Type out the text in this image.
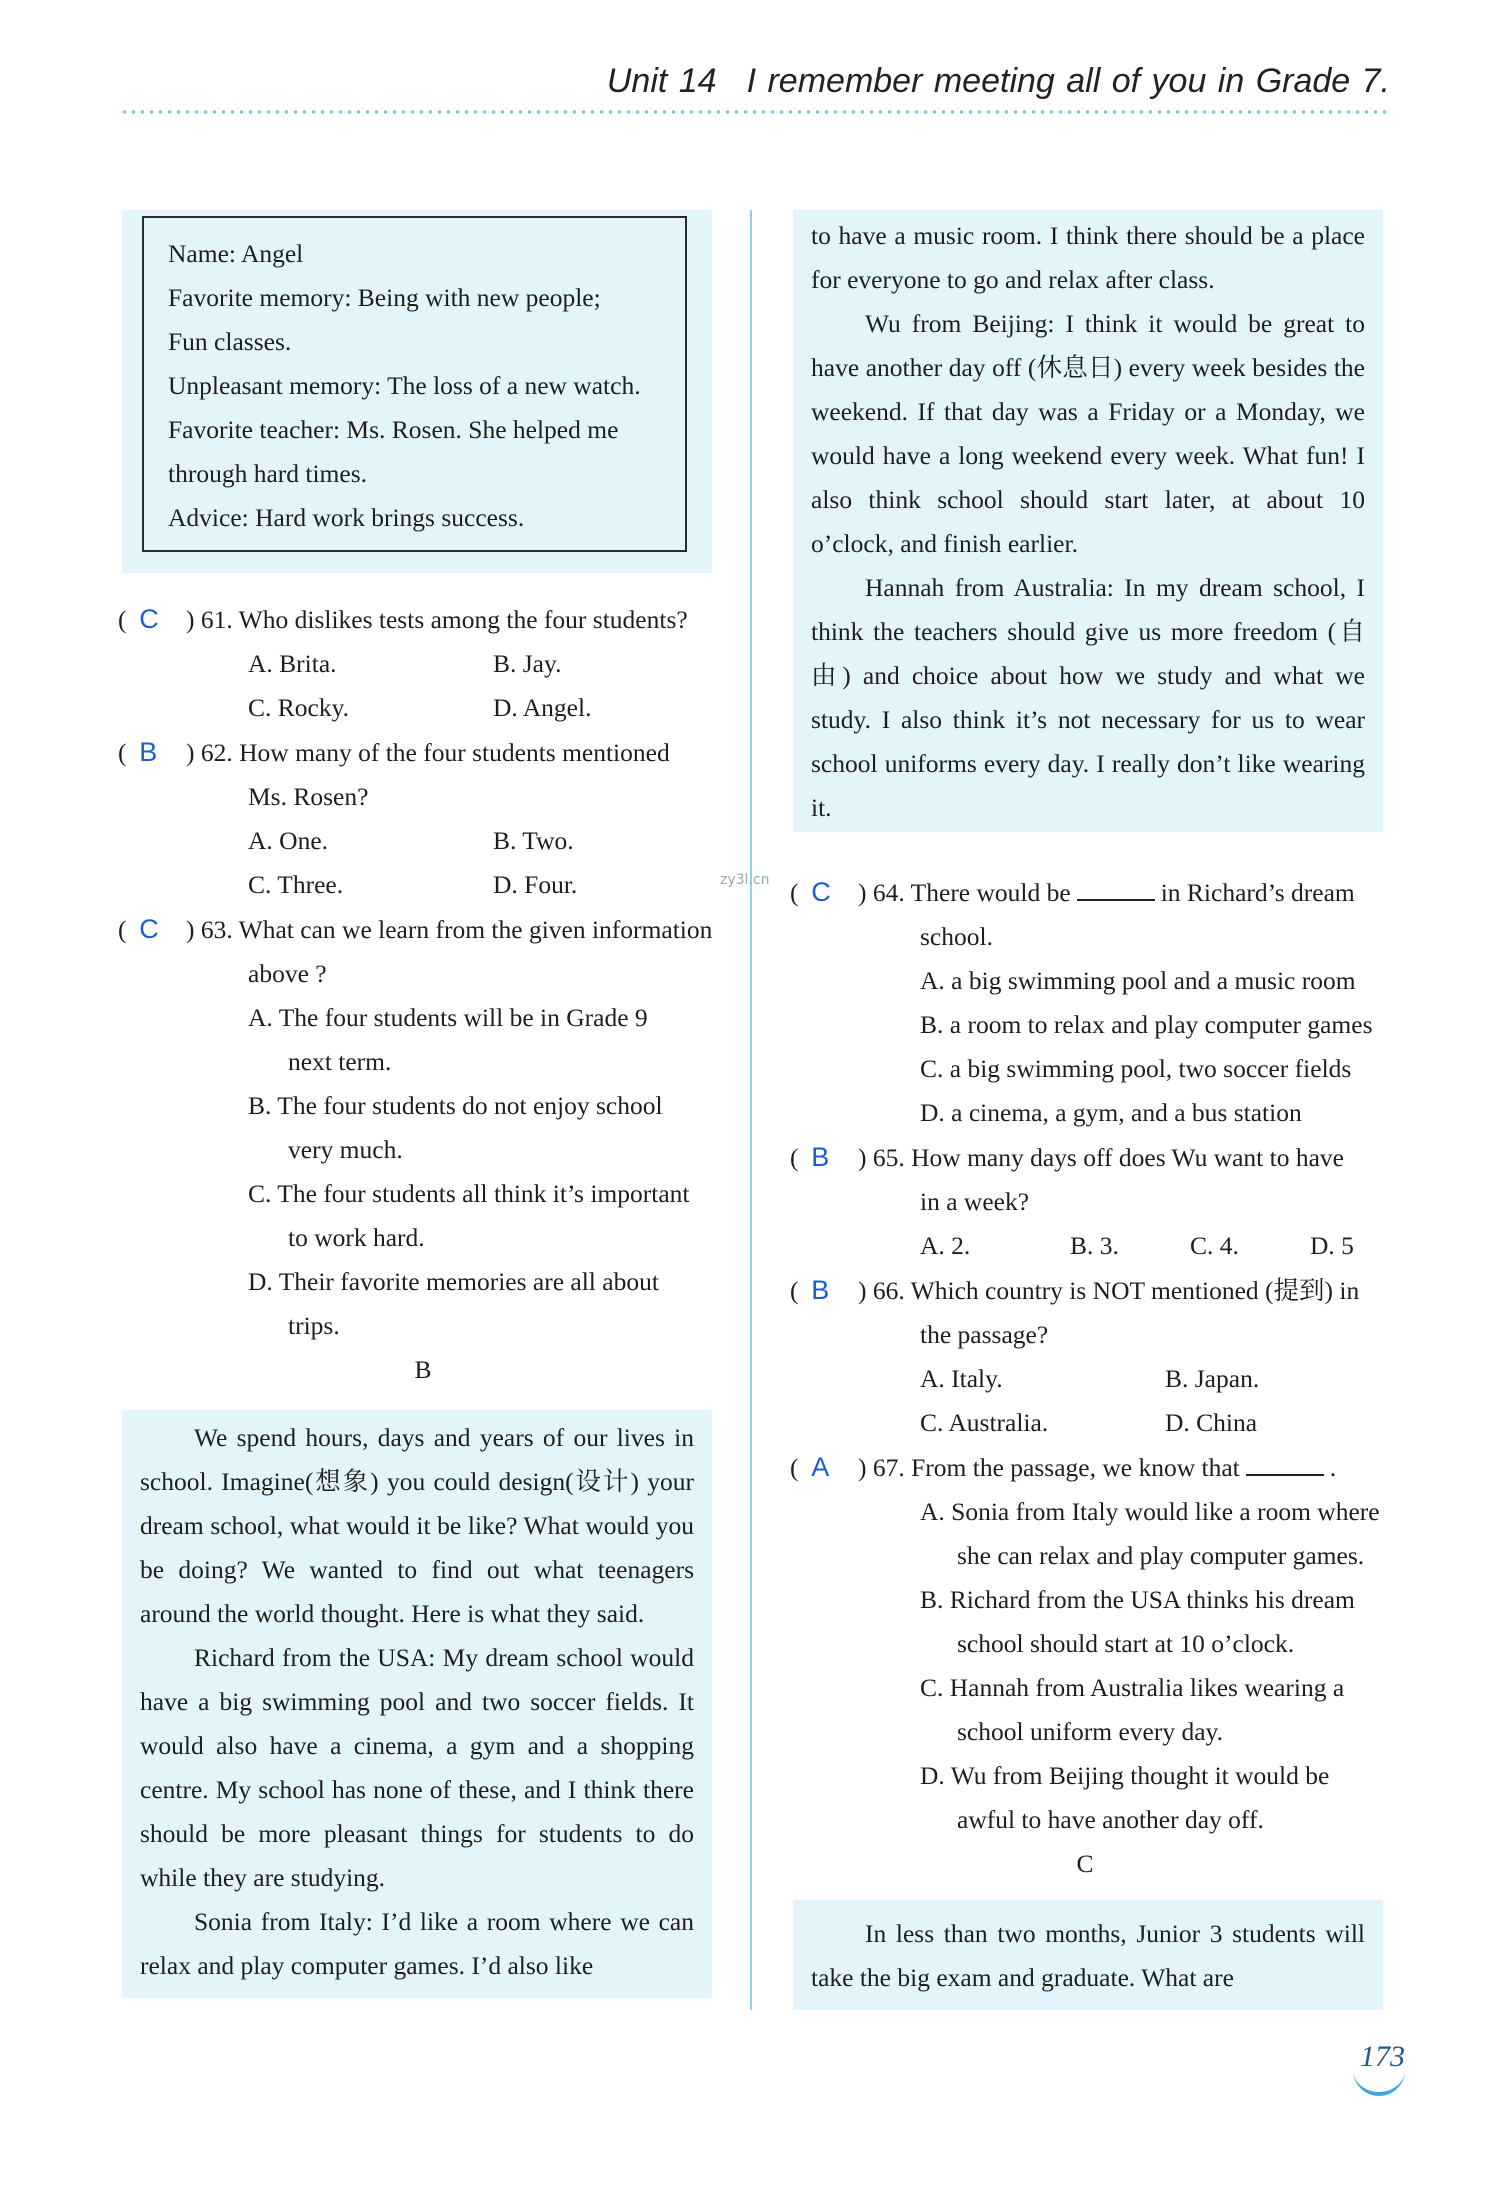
Unit 14 I remember meeting all of you in Grade 7.
Name: Angel
Favorite memory: Being with new people;
Fun classes.
Unpleasant memory: The loss of a new watch.
Favorite teacher: Ms. Rosen. She helped me
through hard times.
Advice: Hard work brings success.
( C ) 61. Who dislikes tests among the four students?
A. Brita.	B. Jay.
C. Rocky.	D. Angel.
( B ) 62. How many of the four students mentioned
Ms. Rosen?
A. One.	B. Two.
C. Three.	D. Four.
( C ) 63. What can we learn from the given information
above ?
A. The four students will be in Grade 9
next term.
B. The four students do not enjoy school
very much.
C. The four students all think it’s important
to work hard.
D. Their favorite memories are all about
trips.
B
zy3l.cn

We spend hours, days and years of our lives in school. Imagine(想象) you could design(设计) your dream school, what would it be like? What would you be doing? We wanted to find out what teenagers around the world thought. Here is what they said.

Richard from the USA: My dream school would have a big swimming pool and two soccer fields. It would also have a cinema, a gym and a shopping centre. My school has none of these, and I think there should be more pleasant things for students to do while they are studying.

Sonia from Italy: I’d like a room where we can relax and play computer games. I’d also like

to have a music room. I think there should be a place for everyone to go and relax after class.

Wu from Beijing: I think it would be great to have another day off (休息日) every week besides the weekend. If that day was a Friday or a Monday, we would have a long weekend every week. What fun! I also think school should start later, at about 10 o’clock, and finish earlier.

Hannah from Australia: In my dream school, I think the teachers should give us more freedom (自由) and choice about how we study and what we study. I also think it’s not necessary for us to wear school uniforms every day. I really don’t like wearing it.

( C ) 64. There would be	in Richard’s dream
school.
A. a big swimming pool and a music room
B. a room to relax and play computer games
C. a big swimming pool, two soccer fields
D. a cinema, a gym, and a bus station
( B ) 65. How many days off does Wu want to have
in a week?
A. 2.	B. 3.	C. 4.	D. 5
( B ) 66. Which country is NOT mentioned (提到) in
the passage?
A. Italy.	B. Japan.
C. Australia.	D. China
( A ) 67. From the passage, we know that	.
A. Sonia from Italy would like a room where
she can relax and play computer games.
B. Richard from the USA thinks his dream
school should start at 10 o’clock.
C. Hannah from Australia likes wearing a
school uniform every day.
D. Wu from Beijing thought it would be
awful to have another day off.
C

In less than two months, Junior 3 students will take the big exam and graduate. What are

173
